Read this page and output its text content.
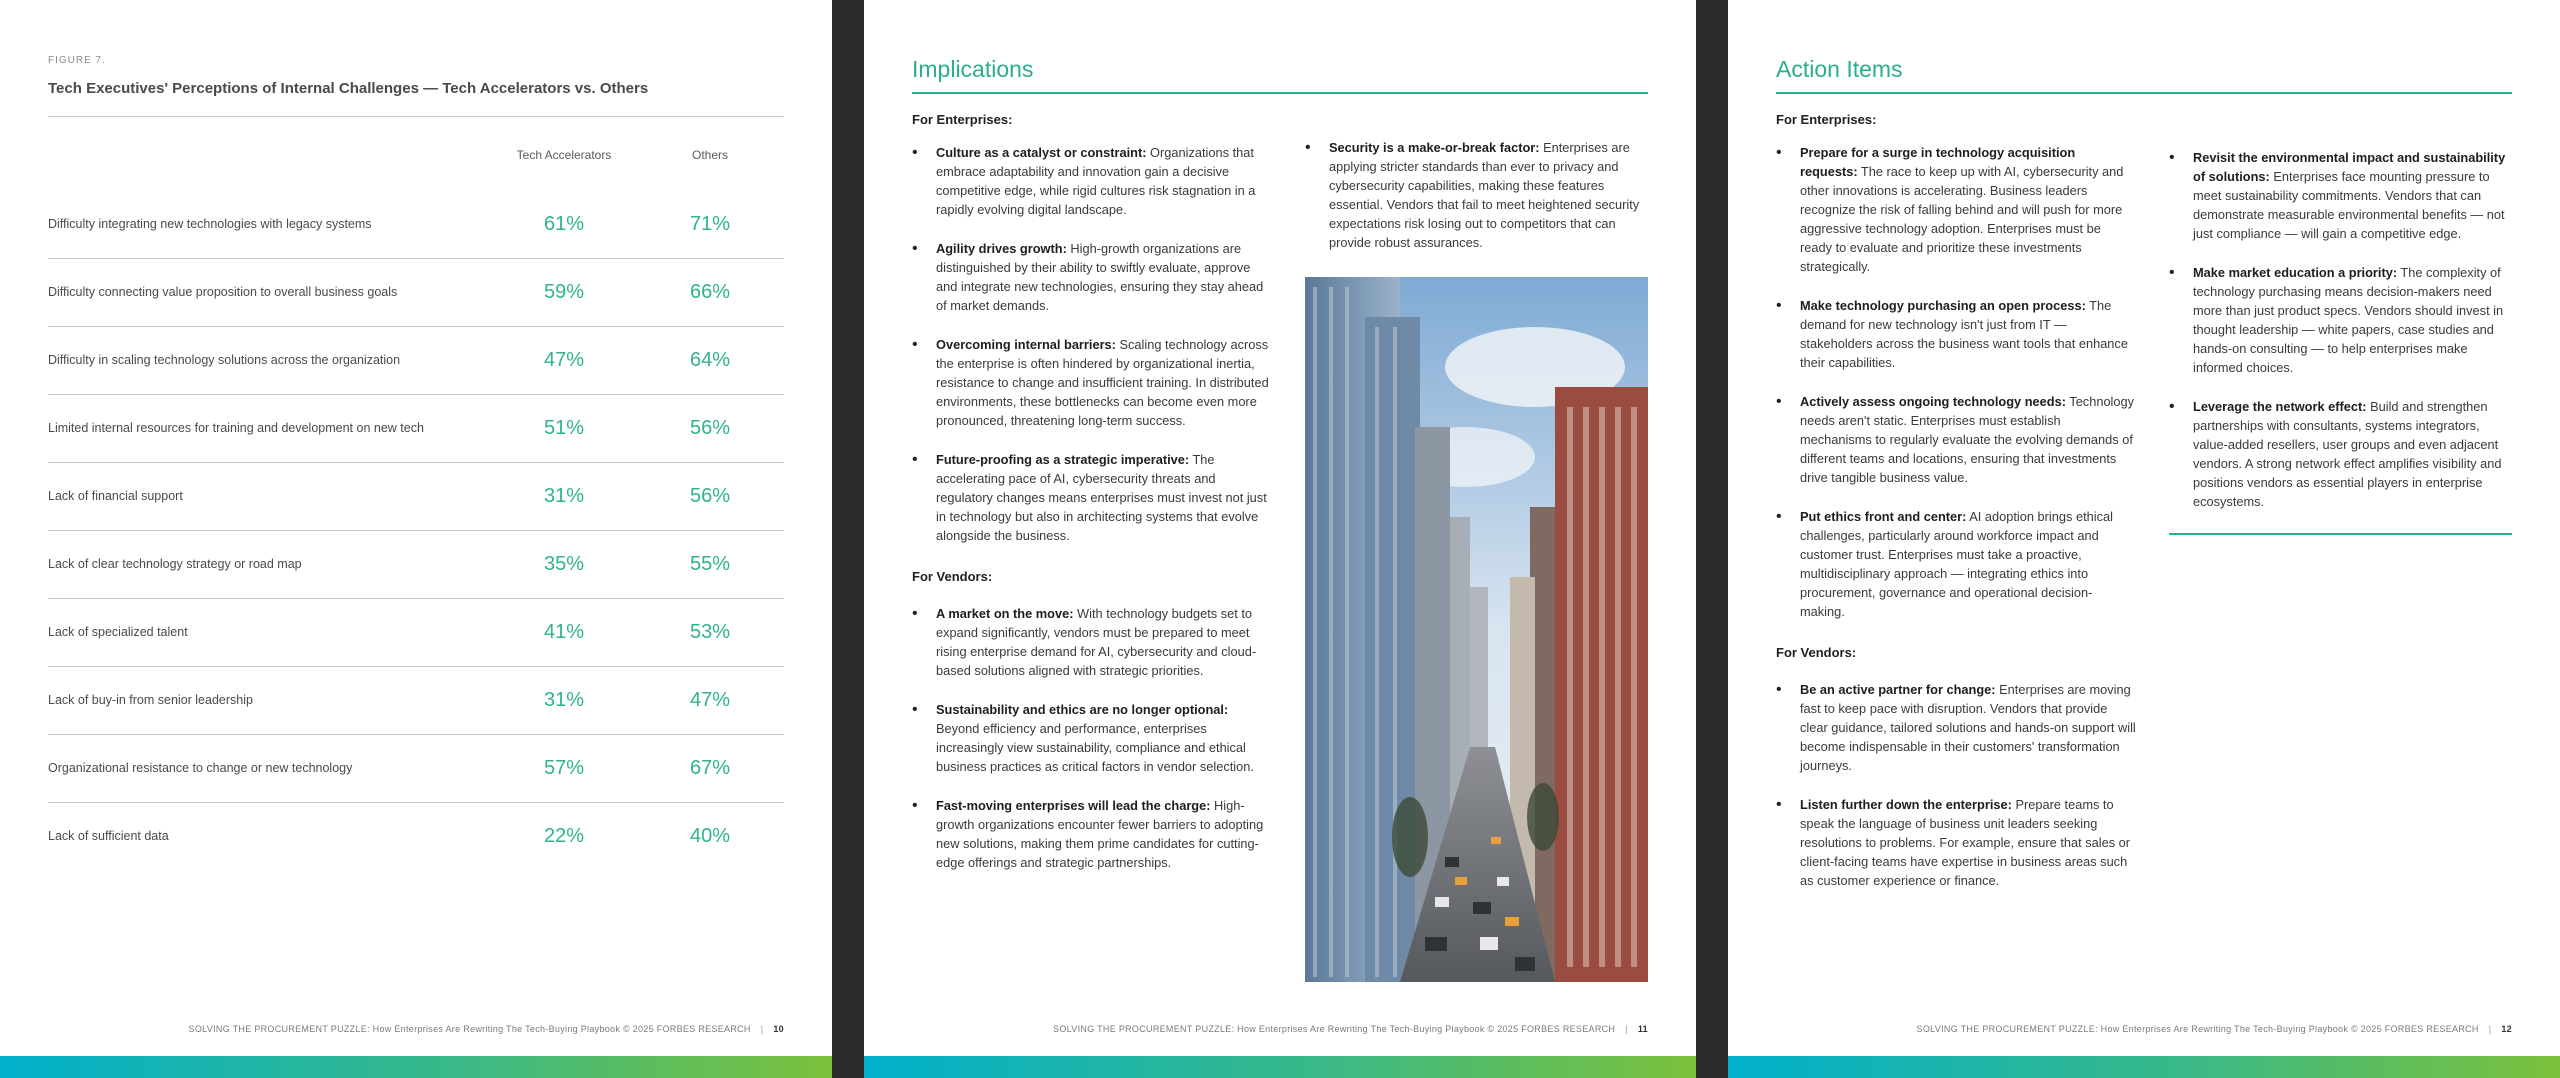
FIGURE 7.
Tech Executives' Perceptions of Internal Challenges — Tech Accelerators vs. Others
Tech Accelerators	Others
Difficulty integrating new technologies with legacy systems	61%	71%
Difficulty connecting value proposition to overall business goals	59%	66%
Difficulty in scaling technology solutions across the organization	47%	64%
Limited internal resources for training and development on new tech	51%	56%
Lack of financial support	31%	56%
Lack of clear technology strategy or road map	35%	55%
Lack of specialized talent	41%	53%
Lack of buy-in from senior leadership	31%	47%
Organizational resistance to change or new technology	57%	67%
Lack of sufficient data	22%	40%
SOLVING THE PROCUREMENT PUZZLE: How Enterprises Are Rewriting The Tech-Buying Playbook © 2025 FORBES RESEARCH | 10
Implications
For Enterprises:
• Culture as a catalyst or constraint: Organizations that embrace adaptability and innovation gain a decisive competitive edge, while rigid cultures risk stagnation in a rapidly evolving digital landscape.
• Agility drives growth: High-growth organizations are distinguished by their ability to swiftly evaluate, approve and integrate new technologies, ensuring they stay ahead of market demands.
• Overcoming internal barriers: Scaling technology across the enterprise is often hindered by organizational inertia, resistance to change and insufficient training. In distributed environments, these bottlenecks can become even more pronounced, threatening long-term success.
• Future-proofing as a strategic imperative: The accelerating pace of AI, cybersecurity threats and regulatory changes means enterprises must invest not just in technology but also in architecting systems that evolve alongside the business.
For Vendors:
• A market on the move: With technology budgets set to expand significantly, vendors must be prepared to meet rising enterprise demand for AI, cybersecurity and cloud-based solutions aligned with strategic priorities.
• Sustainability and ethics are no longer optional: Beyond efficiency and performance, enterprises increasingly view sustainability, compliance and ethical business practices as critical factors in vendor selection.
• Fast-moving enterprises will lead the charge: High-growth organizations encounter fewer barriers to adopting new solutions, making them prime candidates for cutting-edge offerings and strategic partnerships.
• Security is a make-or-break factor: Enterprises are applying stricter standards than ever to privacy and cybersecurity capabilities, making these features essential. Vendors that fail to meet heightened security expectations risk losing out to competitors that can provide robust assurances.
SOLVING THE PROCUREMENT PUZZLE: How Enterprises Are Rewriting The Tech-Buying Playbook © 2025 FORBES RESEARCH | 11
Action Items
For Enterprises:
• Prepare for a surge in technology acquisition requests: The race to keep up with AI, cybersecurity and other innovations is accelerating. Business leaders recognize the risk of falling behind and will push for more aggressive technology adoption. Enterprises must be ready to evaluate and prioritize these investments strategically.
• Make technology purchasing an open process: The demand for new technology isn't just from IT — stakeholders across the business want tools that enhance their capabilities.
• Actively assess ongoing technology needs: Technology needs aren't static. Enterprises must establish mechanisms to regularly evaluate the evolving demands of different teams and locations, ensuring that investments drive tangible business value.
• Put ethics front and center: AI adoption brings ethical challenges, particularly around workforce impact and customer trust. Enterprises must take a proactive, multidisciplinary approach — integrating ethics into procurement, governance and operational decision-making.
For Vendors:
• Be an active partner for change: Enterprises are moving fast to keep pace with disruption. Vendors that provide clear guidance, tailored solutions and hands-on support will become indispensable in their customers' transformation journeys.
• Listen further down the enterprise: Prepare teams to speak the language of business unit leaders seeking resolutions to problems. For example, ensure that sales or client-facing teams have expertise in business areas such as customer experience or finance.
• Revisit the environmental impact and sustainability of solutions: Enterprises face mounting pressure to meet sustainability commitments. Vendors that can demonstrate measurable environmental benefits — not just compliance — will gain a competitive edge.
• Make market education a priority: The complexity of technology purchasing means decision-makers need more than just product specs. Vendors should invest in thought leadership — white papers, case studies and hands-on consulting — to help enterprises make informed choices.
• Leverage the network effect: Build and strengthen partnerships with consultants, systems integrators, value-added resellers, user groups and even adjacent vendors. A strong network effect amplifies visibility and positions vendors as essential players in enterprise ecosystems.
SOLVING THE PROCUREMENT PUZZLE: How Enterprises Are Rewriting The Tech-Buying Playbook © 2025 FORBES RESEARCH | 12
